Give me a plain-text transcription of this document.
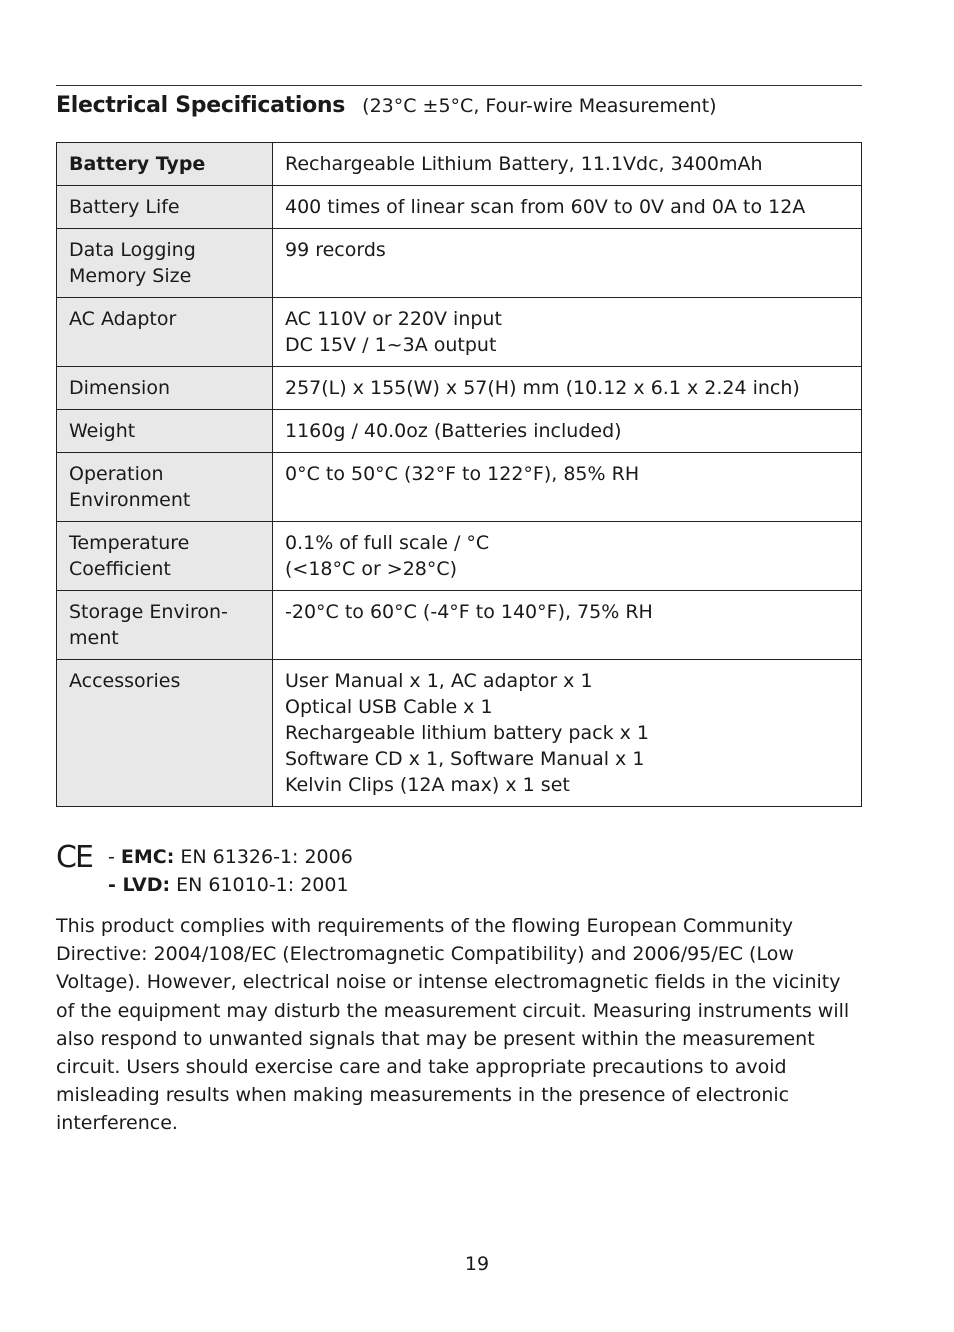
Electrical Specifications (23°C ±5°C, Four-wire Measurement)
Battery Type	Rechargeable Lithium Battery, 11.1Vdc, 3400mAh

Battery Life	400 times of linear scan from 60V to 0V and 0A to 12A

Data Logging Memory Size	99 records

AC Adaptor	AC 110V or 220V input
DC 15V / 1~3A output

Dimension	257(L) x 155(W) x 57(H) mm (10.12 x 6.1 x 2.24 inch)

Weight	1160g / 40.0oz (Batteries included)

Operation Environment	0°C to 50°C (32°F to 122°F), 85% RH

Temperature Coefficient	0.1% of full scale / °C
(<18°C or >28°C)

Storage Environ-ment	-20°C to 60°C (-4°F to 140°F), 75% RH

Accessories	User Manual x 1, AC adaptor x 1
Optical USB Cable x 1
Rechargeable lithium battery pack x 1
Software CD x 1, Software Manual x 1
Kelvin Clips (12A max) x 1 set
CE - EMC: EN 61326-1: 2006
- LVD: EN 61010-1: 2001
This product complies with requirements of the flowing European Community Directive: 2004/108/EC (Electromagnetic Compatibility) and 2006/95/EC (Low Voltage). However, electrical noise or intense electromagnetic fields in the vicinity of the equipment may disturb the measurement circuit. Measuring instruments will also respond to unwanted signals that may be present within the measurement circuit. Users should exercise care and take appropriate precautions to avoid misleading results when making measurements in the presence of electronic interference.
19
